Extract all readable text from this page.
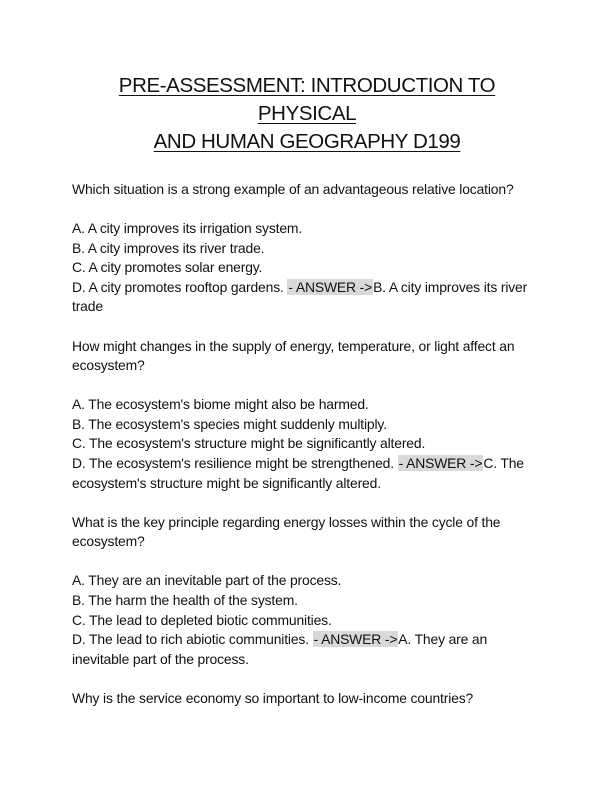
PRE-ASSESSMENT: INTRODUCTION TO PHYSICAL
AND HUMAN GEOGRAPHY D199
Which situation is a strong example of an advantageous relative location?
A. A city improves its irrigation system.
B. A city improves its river trade.
C. A city promotes solar energy.
D. A city promotes rooftop gardens. - ANSWER ->B. A city improves its river trade
How might changes in the supply of energy, temperature, or light affect an ecosystem?
A. The ecosystem's biome might also be harmed.
B. The ecosystem's species might suddenly multiply.
C. The ecosystem's structure might be significantly altered.
D. The ecosystem's resilience might be strengthened. - ANSWER ->C. The ecosystem's structure might be significantly altered.
What is the key principle regarding energy losses within the cycle of the ecosystem?
A. They are an inevitable part of the process.
B. The harm the health of the system.
C. The lead to depleted biotic communities.
D. The lead to rich abiotic communities. - ANSWER ->A. They are an inevitable part of the process.
Why is the service economy so important to low-income countries?
